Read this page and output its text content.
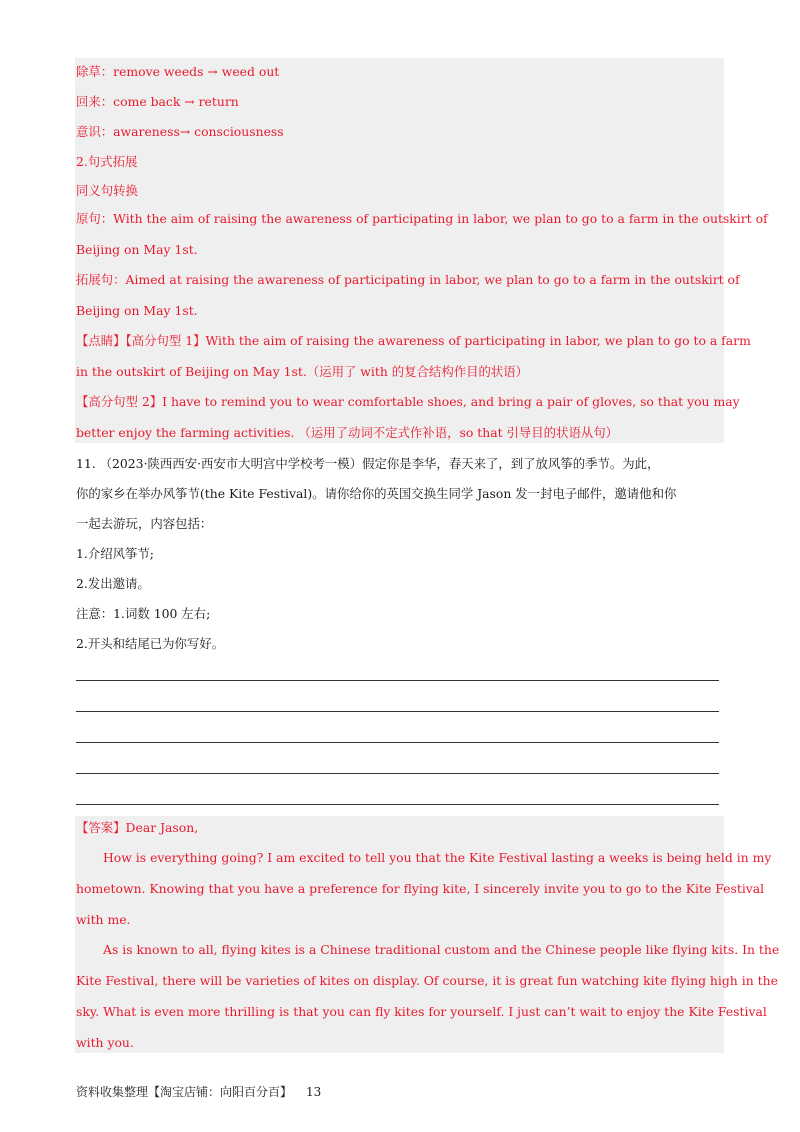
除草：remove weeds → weed out
回来：come back → return
意识：awareness→ consciousness
2.句式拓展
同义句转换
原句：With the aim of raising the awareness of participating in labor, we plan to go to a farm in the outskirt of
Beijing on May 1st.
拓展句：Aimed at raising the awareness of participating in labor, we plan to go to a farm in the outskirt of
Beijing on May 1st.
【点睛】【高分句型 1】With the aim of raising the awareness of participating in labor, we plan to go to a farm
in the outskirt of Beijing on May 1st.（运用了 with 的复合结构作目的状语）
【高分句型 2】I have to remind you to wear comfortable shoes, and bring a pair of gloves, so that you may
better enjoy the farming activities. （运用了动词不定式作补语，so that 引导目的状语从句）
11. （2023·陕西西安·西安市大明宫中学校考一模）假定你是李华，春天来了，到了放风筝的季节。为此，
你的家乡在举办风筝节(the Kite Festival)。请你给你的英国交换生同学 Jason 发一封电子邮件，邀请他和你
一起去游玩，内容包括：
1.介绍风筝节;
2.发出邀请。
注意：1.词数 100 左右;
2.开头和结尾已为你写好。
【答案】Dear Jason,
How is everything going? I am excited to tell you that the Kite Festival lasting a weeks is being held in my
hometown. Knowing that you have a preference for flying kite, I sincerely invite you to go to the Kite Festival
with me.
As is known to all, flying kites is a Chinese traditional custom and the Chinese people like flying kits. In the
Kite Festival, there will be varieties of kites on display. Of course, it is great fun watching kite flying high in the
sky. What is even more thrilling is that you can fly kites for yourself. I just can’t wait to enjoy the Kite Festival
with you.
资料收集整理【淘宝店铺：向阳百分百】 13
